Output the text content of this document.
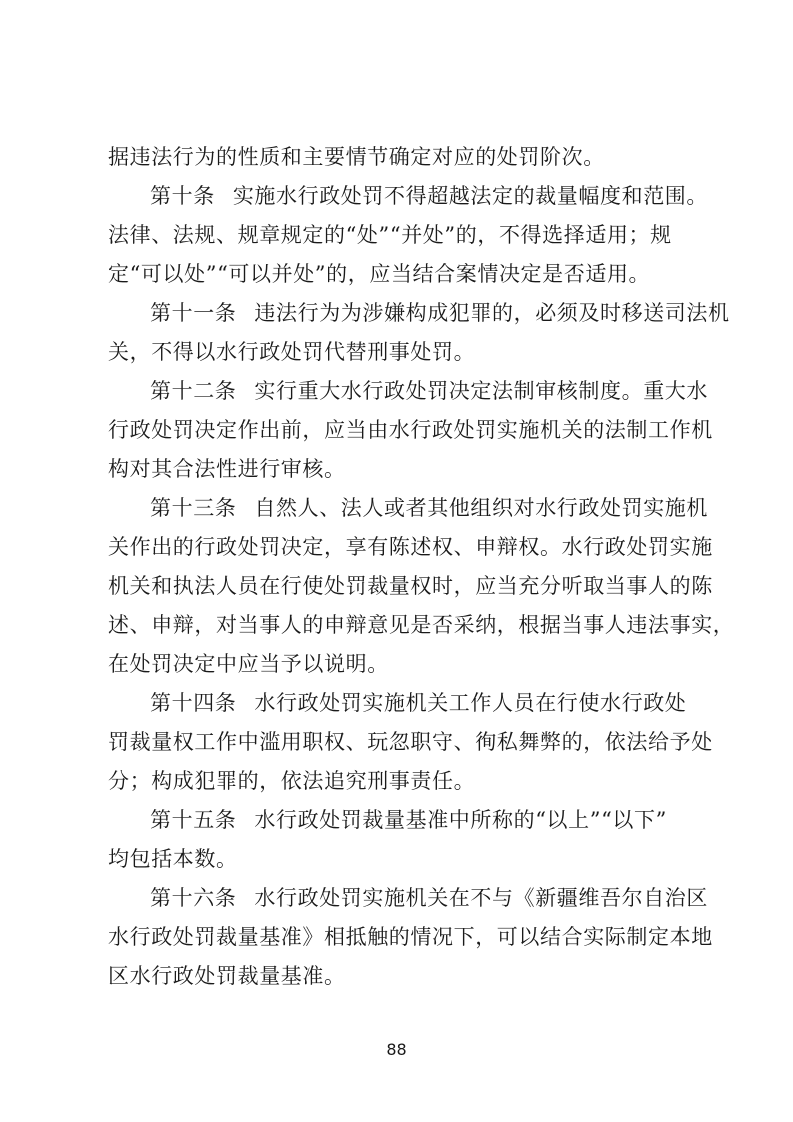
据违法行为的性质和主要情节确定对应的处罚阶次。
第十条 实施水行政处罚不得超越法定的裁量幅度和范围。
法律、法规、规章规定的“处”“并处”的，不得选择适用；规
定“可以处”“可以并处”的，应当结合案情决定是否适用。
第十一条 违法行为为涉嫌构成犯罪的，必须及时移送司法机
关，不得以水行政处罚代替刑事处罚。
第十二条 实行重大水行政处罚决定法制审核制度。重大水
行政处罚决定作出前，应当由水行政处罚实施机关的法制工作机
构对其合法性进行审核。
第十三条 自然人、法人或者其他组织对水行政处罚实施机
关作出的行政处罚决定，享有陈述权、申辩权。水行政处罚实施
机关和执法人员在行使处罚裁量权时，应当充分听取当事人的陈
述、申辩，对当事人的申辩意见是否采纳，根据当事人违法事实，
在处罚决定中应当予以说明。
第十四条 水行政处罚实施机关工作人员在行使水行政处
罚裁量权工作中滥用职权、玩忽职守、徇私舞弊的，依法给予处
分；构成犯罪的，依法追究刑事责任。
第十五条 水行政处罚裁量基准中所称的“以上”“以下”
均包括本数。
第十六条 水行政处罚实施机关在不与《新疆维吾尔自治区
水行政处罚裁量基准》相抵触的情况下，可以结合实际制定本地
区水行政处罚裁量基准。
88
